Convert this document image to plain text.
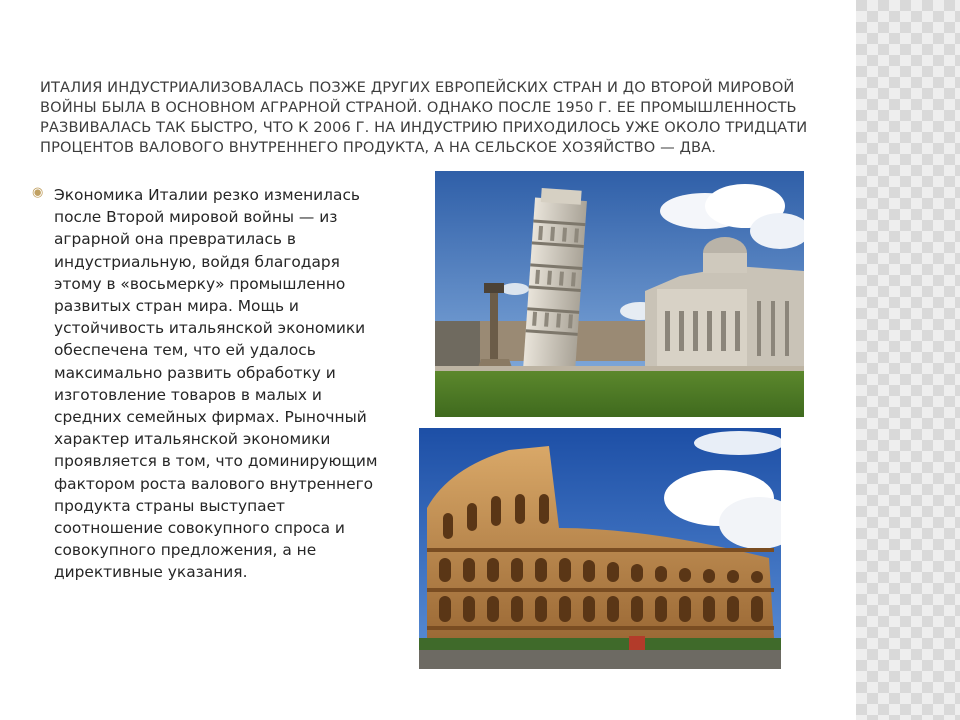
ИТАЛИЯ ИНДУСТРИАЛИЗОВАЛАСЬ ПОЗЖЕ ДРУГИХ ЕВРОПЕЙСКИХ СТРАН И ДО ВТОРОЙ МИРОВОЙ ВОЙНЫ БЫЛА В ОСНОВНОМ АГРАРНОЙ СТРАНОЙ. ОДНАКО ПОСЛЕ 1950 Г. ЕЕ ПРОМЫШЛЕННОСТЬ РАЗВИВАЛАСЬ ТАК БЫСТРО, ЧТО К 2006 Г. НА ИНДУСТРИЮ ПРИХОДИЛОСЬ УЖЕ ОКОЛО ТРИДЦАТИ ПРОЦЕНТОВ ВАЛОВОГО ВНУТРЕННЕГО ПРОДУКТА, А НА СЕЛЬСКОЕ ХОЗЯЙСТВО — ДВА.
◉ Экономика Италии резко изменилась после Второй мировой войны — из аграрной она превратилась в индустриальную, войдя благодаря этому в «восьмерку» промышленно развитых стран мира. Мощь и устойчивость итальянской экономики обеспечена тем, что ей удалось максимально развить обработку и изготовление товаров в малых и средних семейных фирмах. Рыночный характер итальянской экономики проявляется в том, что доминирующим фактором роста валового внутреннего продукта страны выступает соотношение совокупного спроса и совокупного предложения, а не директивные указания.
